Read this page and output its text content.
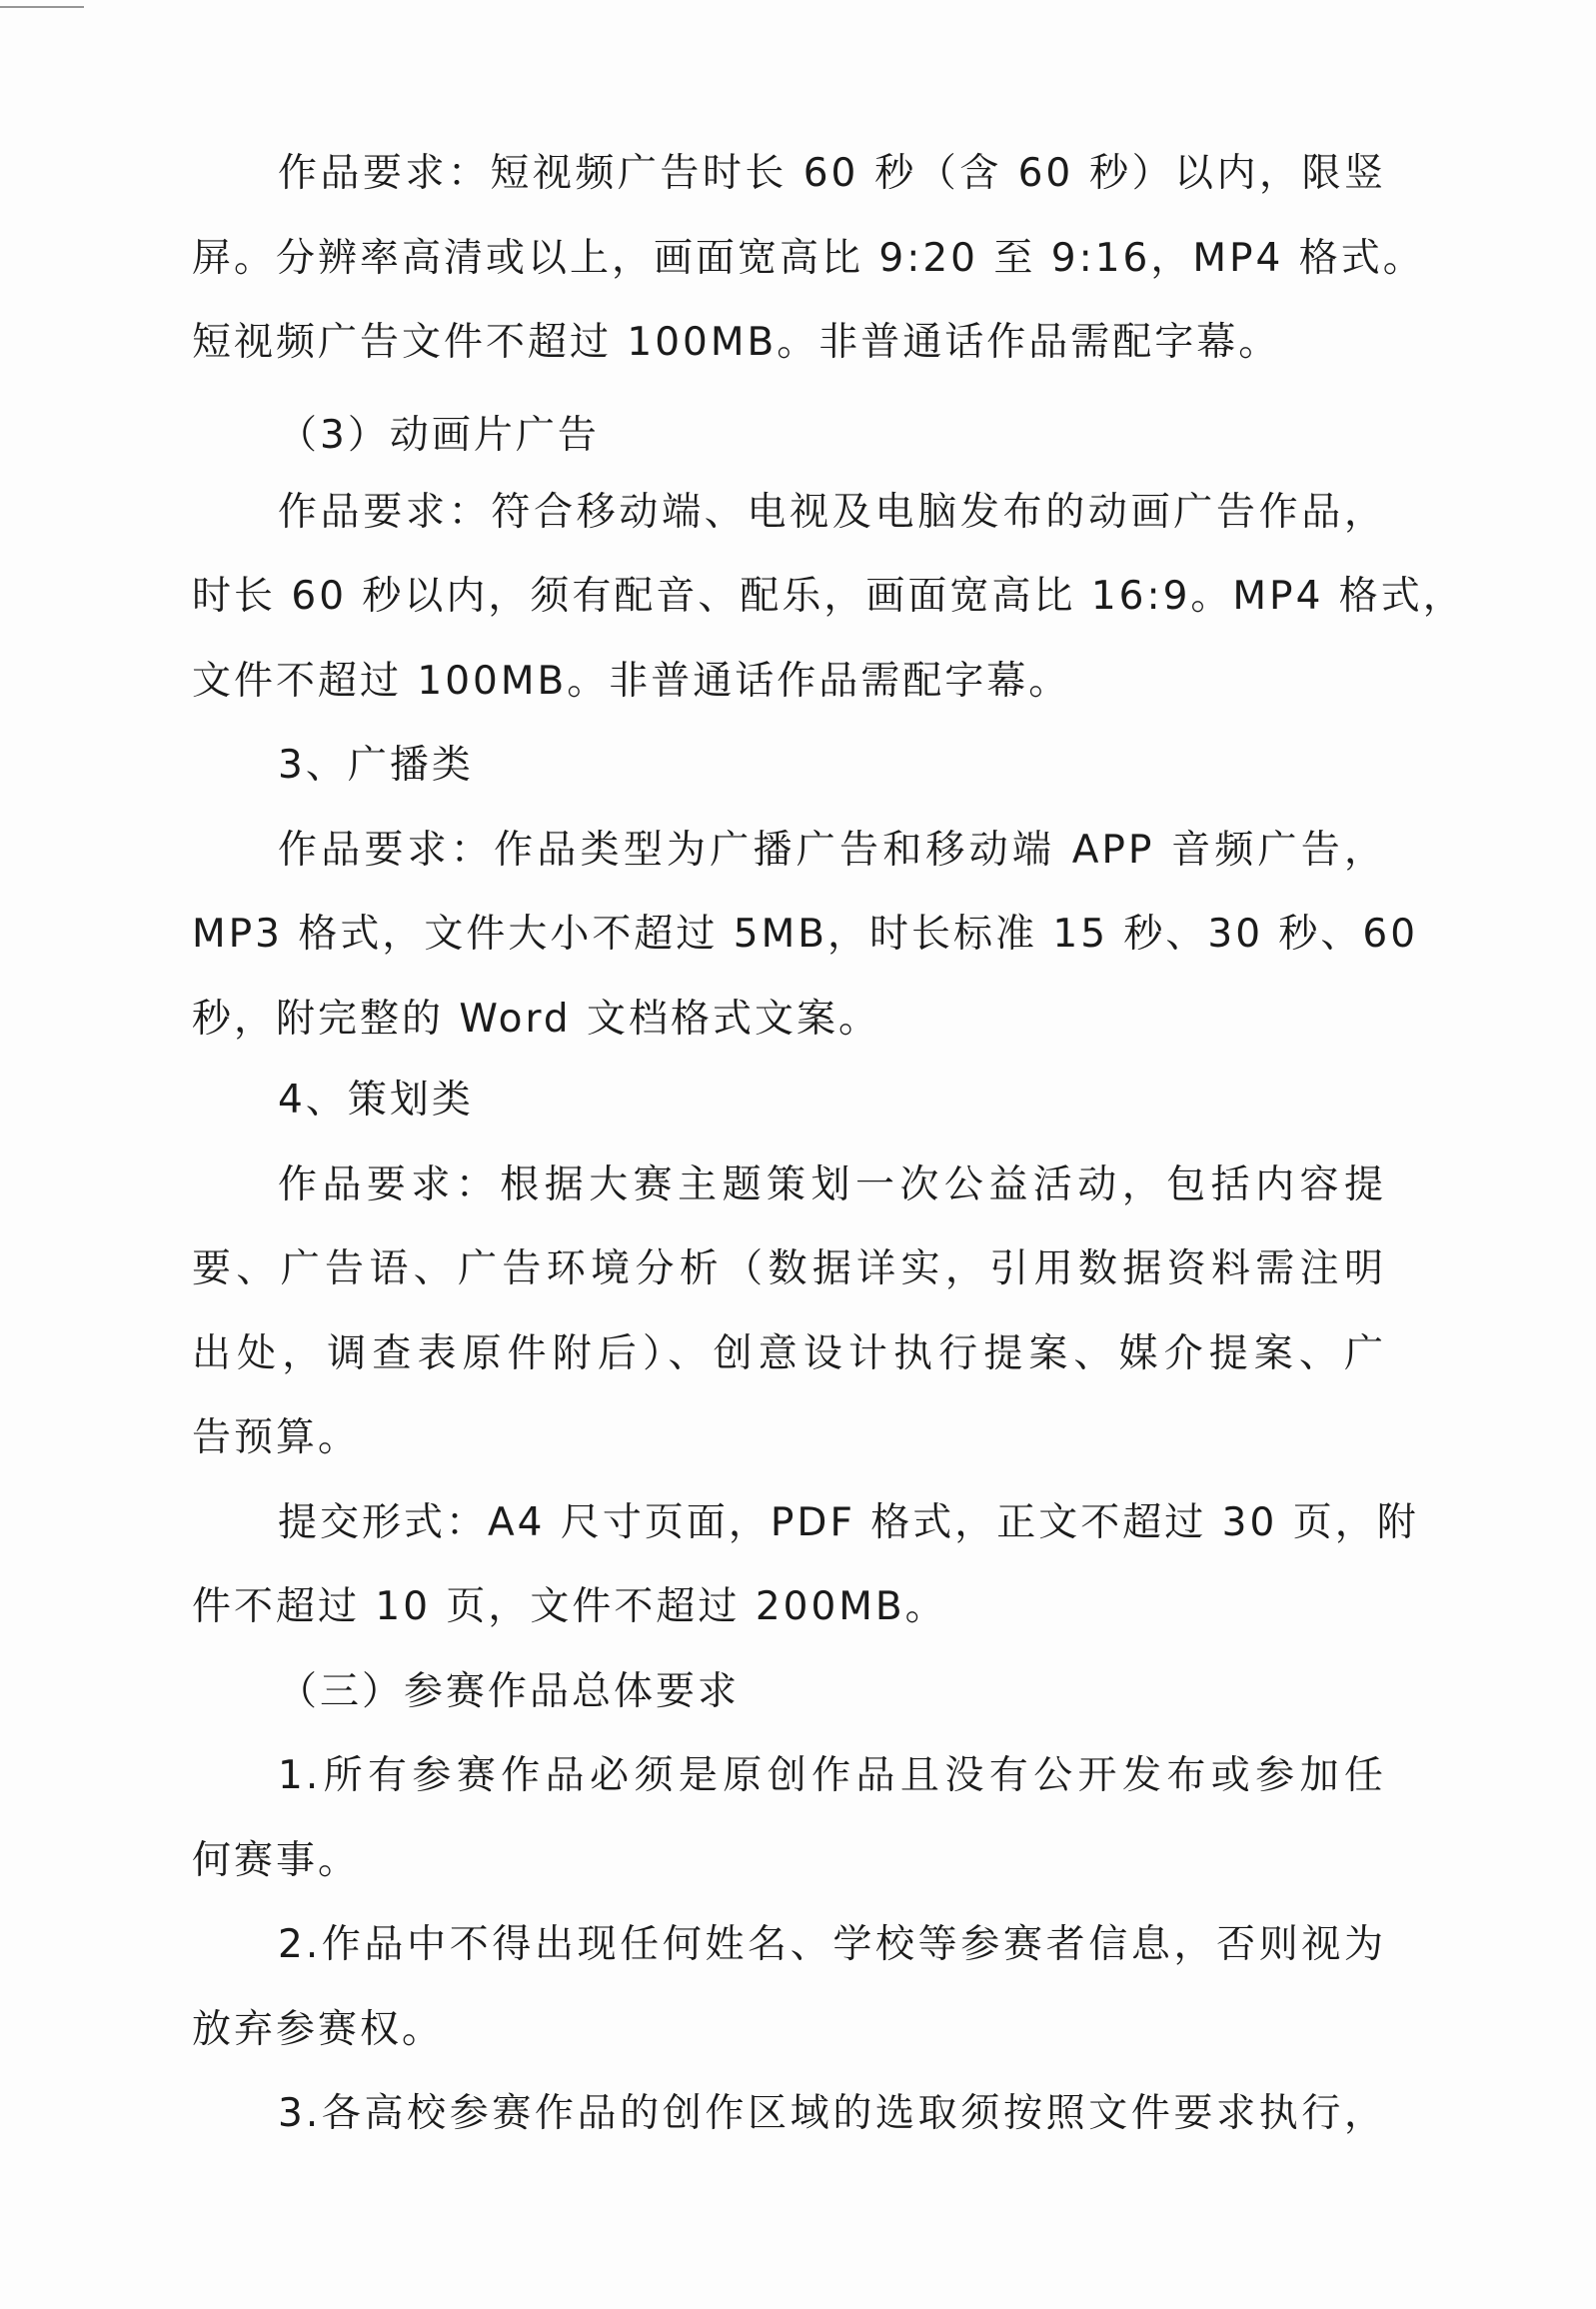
作品要求：短视频广告时长 60 秒（含 60 秒）以内，限竖
屏。分辨率高清或以上，画面宽高比 9:20 至 9:16，MP4 格式。
短视频广告文件不超过 100MB。非普通话作品需配字幕。
（3）动画片广告
作品要求：符合移动端、电视及电脑发布的动画广告作品，
时长 60 秒以内，须有配音、配乐，画面宽高比 16:9。MP4 格式，
文件不超过 100MB。非普通话作品需配字幕。
3、广播类
作品要求：作品类型为广播广告和移动端 APP 音频广告，
MP3 格式，文件大小不超过 5MB，时长标准 15 秒、30 秒、60
秒，附完整的 Word 文档格式文案。
4、策划类
作品要求：根据大赛主题策划一次公益活动，包括内容提
要、广告语、广告环境分析（数据详实，引用数据资料需注明
出处，调查表原件附后）、创意设计执行提案、媒介提案、广
告预算。
提交形式：A4 尺寸页面，PDF 格式，正文不超过 30 页，附
件不超过 10 页，文件不超过 200MB。
（三）参赛作品总体要求
1.所有参赛作品必须是原创作品且没有公开发布或参加任
何赛事。
2.作品中不得出现任何姓名、学校等参赛者信息，否则视为
放弃参赛权。
3.各高校参赛作品的创作区域的选取须按照文件要求执行，
